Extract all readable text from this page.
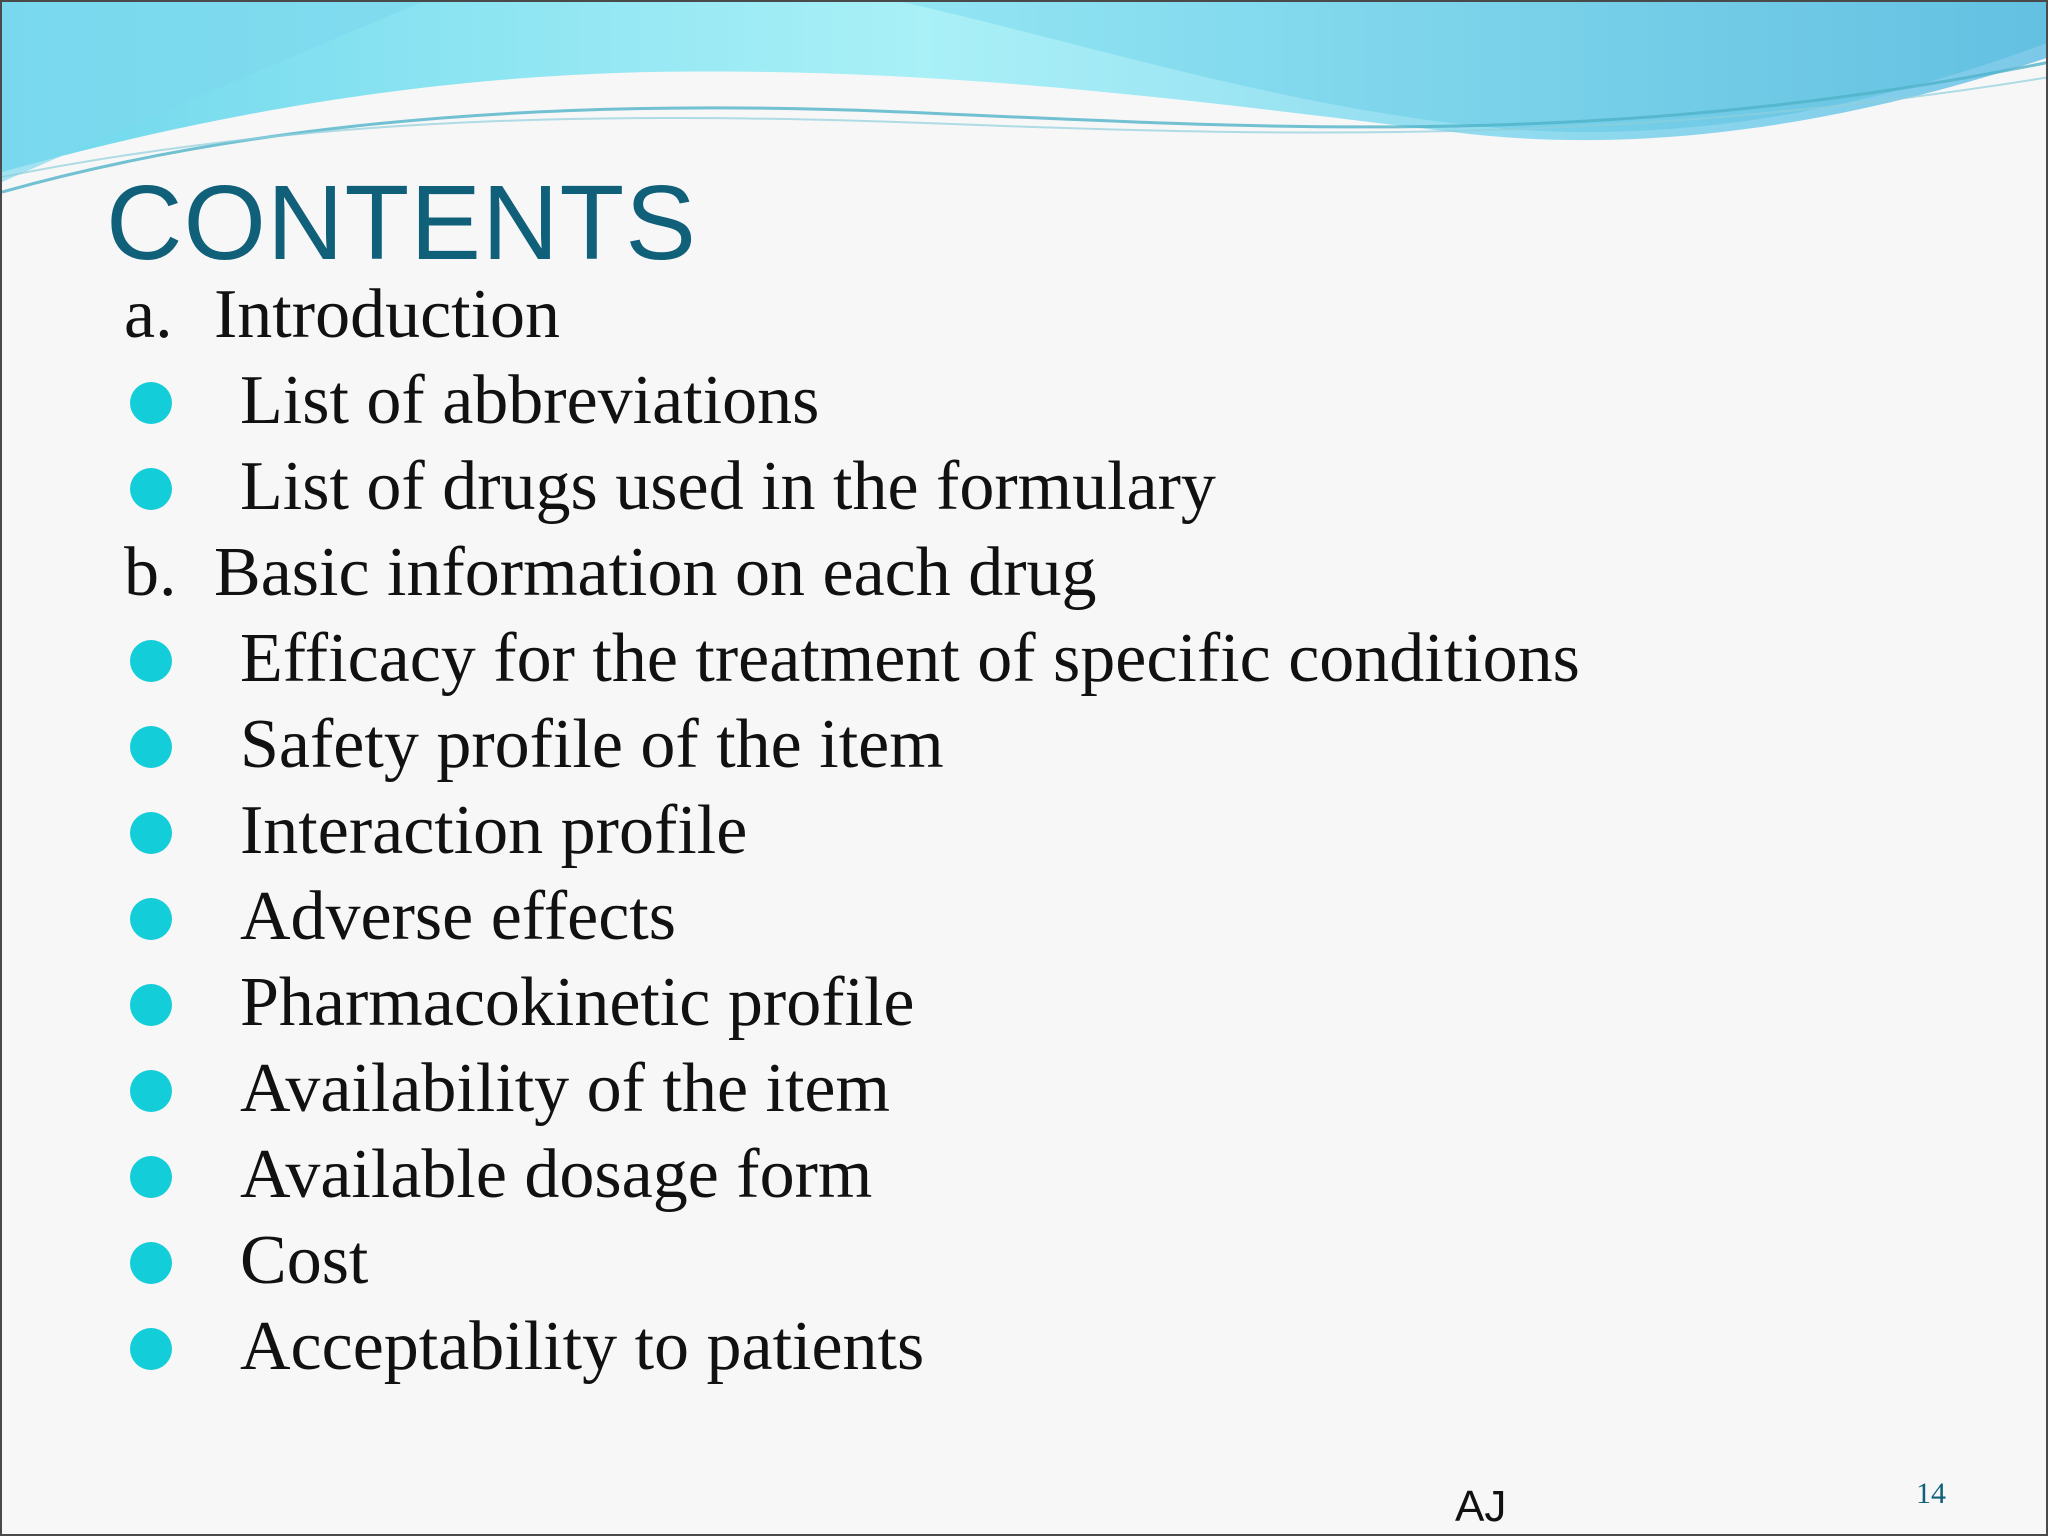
CONTENTS
a. Introduction
List of abbreviations
List of drugs used in the formulary
b. Basic information on each drug
Efficacy for the treatment of specific conditions
Safety profile of the item
Interaction profile
Adverse effects
Pharmacokinetic profile
Availability of the item
Available dosage form
Cost
Acceptability to patients
AJ	14
